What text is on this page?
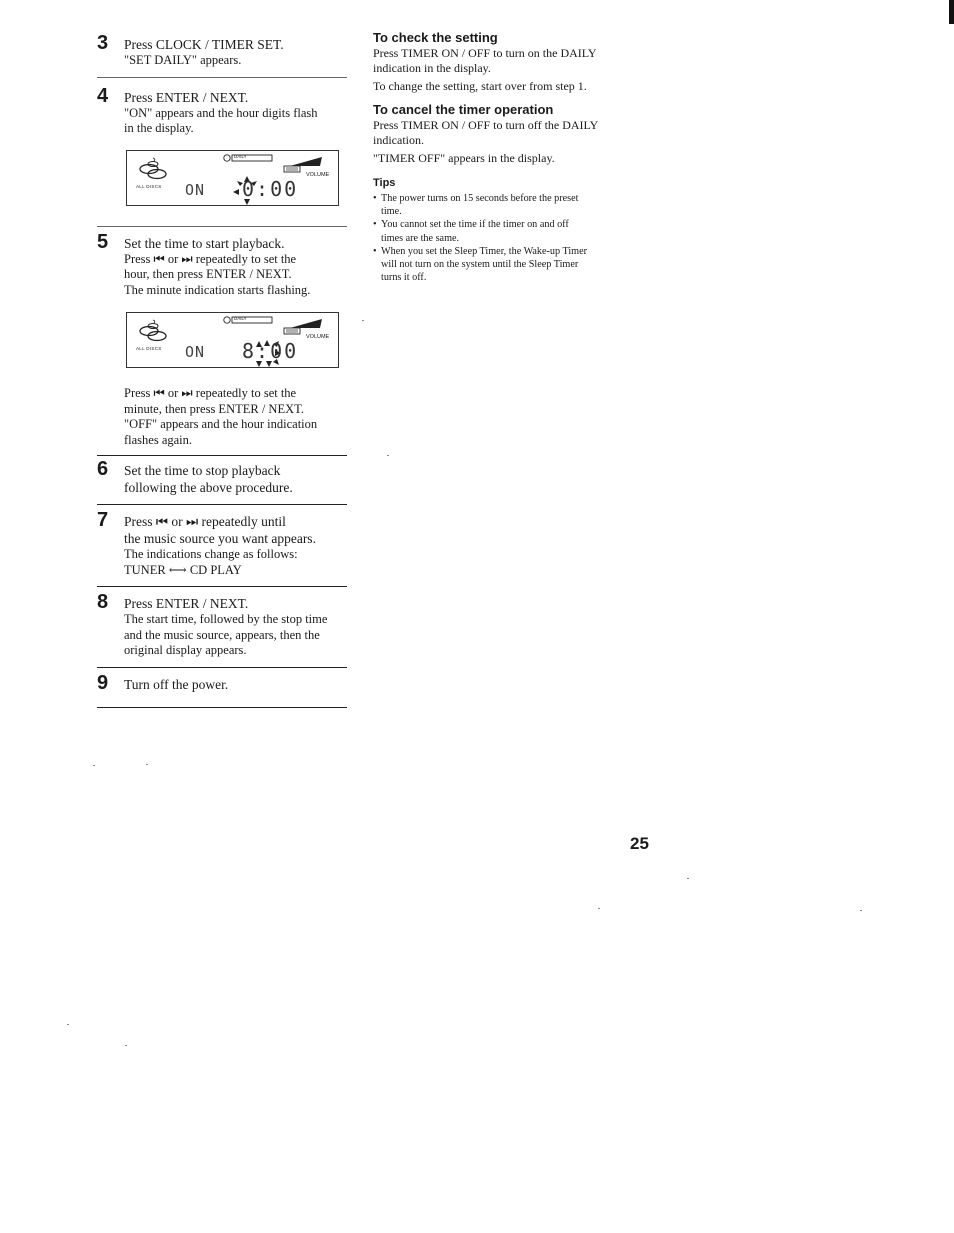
3 Press CLOCK / TIMER SET.
"SET DAILY" appears.
4 Press ENTER / NEXT.
"ON" appears and the hour digits flash
in the display.
ALL DISCS
DAILY
VOLUME
ON 0:00
5 Set the time to start playback.
Press ⏮ or ⏭ repeatedly to set the
hour, then press ENTER / NEXT.
The minute indication starts flashing.
ALL DISCS
DAILY
VOLUME
ON 8:00
Press ⏮ or ⏭ repeatedly to set the
minute, then press ENTER / NEXT.
"OFF" appears and the hour indication
flashes again.
6 Set the time to stop playback
following the above procedure.
7 Press ⏮ or ⏭ repeatedly until
the music source you want appears.
The indications change as follows:
TUNER ⟷ CD PLAY
8 Press ENTER / NEXT.
The start time, followed by the stop time
and the music source, appears, then the
original display appears.
9 Turn off the power.
To check the setting

Press TIMER ON / OFF to turn on the DAILY

indication in the display.

To change the setting, start over from step 1.

To cancel the timer operation

Press TIMER ON / OFF to turn off the DAILY

indication.

"TIMER OFF" appears in the display.

Tips
• The power turns on 15 seconds before the preset
time.
• You cannot set the time if the timer on and off
times are the same.
• When you set the Sleep Timer, the Wake-up Timer
will not turn on the system until the Sleep Timer
turns it off.
25
